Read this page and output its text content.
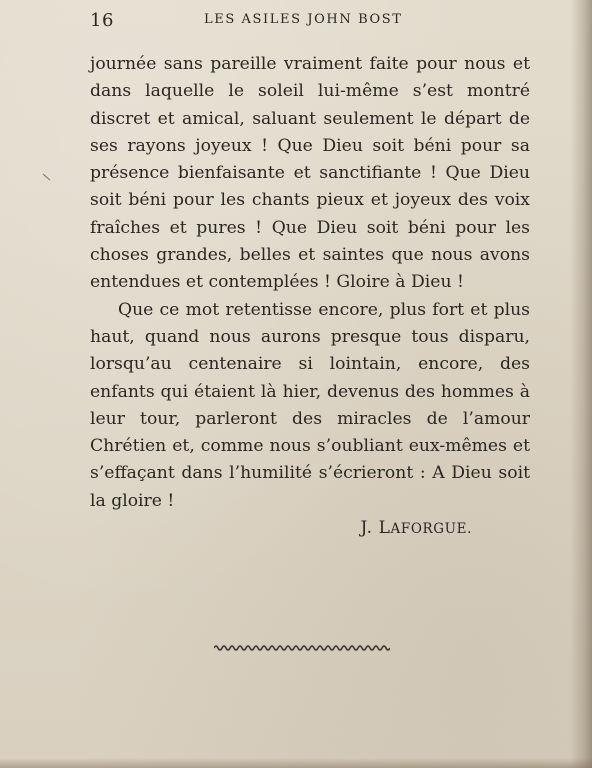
16	LES ASILES JOHN BOST

journée sans pareille vraiment faite pour nous et dans laquelle le soleil lui-même s’est montré discret et amical, saluant seulement le départ de ses rayons joyeux ! Que Dieu soit béni pour sa présence bienfaisante et sanctifiante ! Que Dieu soit béni pour les chants pieux et joyeux des voix fraîches et pures ! Que Dieu soit béni pour les choses grandes, belles et saintes que nous avons entendues et contemplées ! Gloire à Dieu !

Que ce mot retentisse encore, plus fort et plus haut, quand nous aurons presque tous disparu, lorsqu’au centenaire si lointain, encore, des enfants qui étaient là hier, devenus des hommes à leur tour, parleront des miracles de l’amour Chrétien et, comme nous s’oubliant eux-mêmes et s’effaçant dans l’humilité s’écrieront : A Dieu soit la gloire !

J. LAFORGUE.
